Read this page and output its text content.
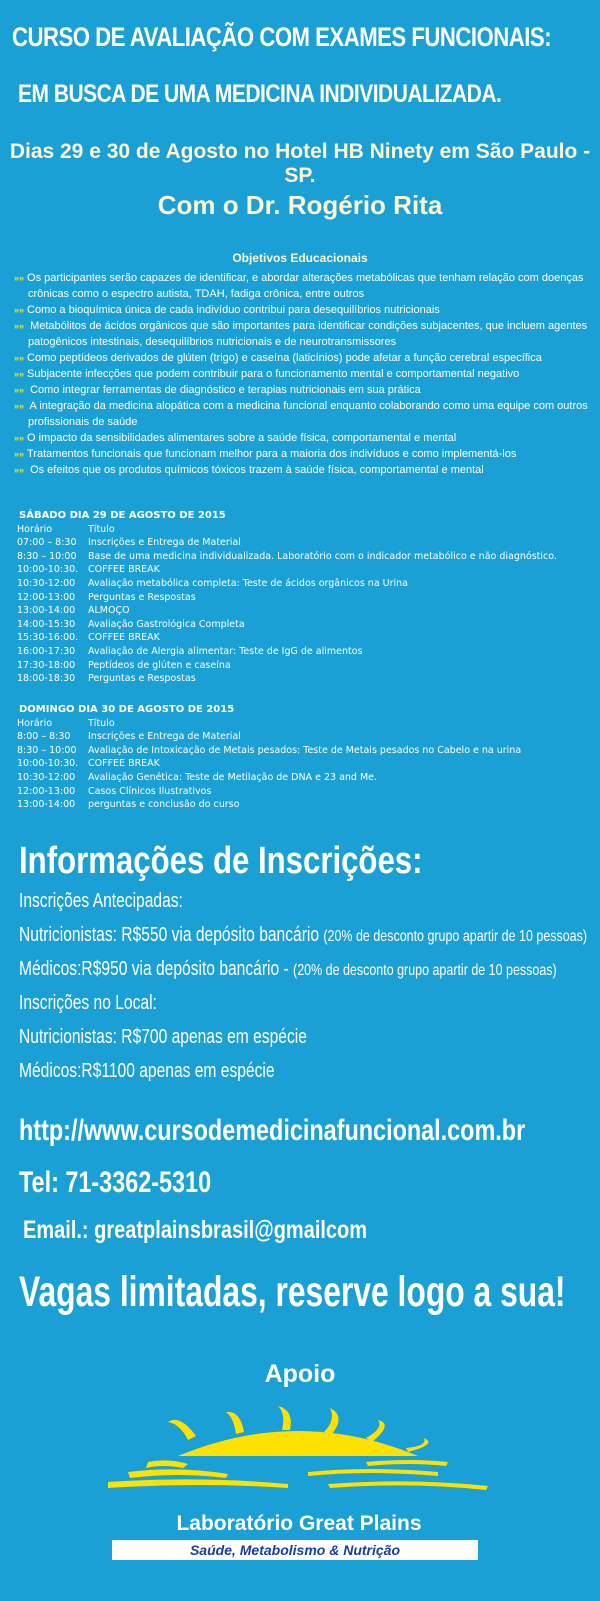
CURSO DE AVALIAÇÃO COM EXAMES FUNCIONAIS:
EM BUSCA DE UMA MEDICINA INDIVIDUALIZADA.
Dias 29 e 30 de Agosto no Hotel HB Ninety em São Paulo - SP.
Com o Dr. Rogério Rita
Objetivos Educacionais
»» Os participantes serão capazes de identificar, e abordar alterações metabólicas que tenham relação com doenças crônicas como o espectro autista, TDAH, fadiga crônica, entre outros
»» Como a bioquímica única de cada indivíduo contribui para desequilíbrios nutricionais
»» Metabólitos de ácidos orgânicos que são importantes para identificar condições subjacentes, que incluem agentes patogênicos intestinais, desequilíbrios nutricionais e de neurotransmissores
»» Como peptídeos derivados de glúten (trigo) e caseína (laticínios) pode afetar a função cerebral específica
»» Subjacente infecções que podem contribuir para o funcionamento mental e comportamental negativo
»» Como integrar ferramentas de diagnóstico e terapias nutricionais em sua prática
»» A integração da medicina alopática com a medicina funcional enquanto colaborando como uma equipe com outros profissionais de saúde
»» O impacto da sensibilidades alimentares sobre a saúde física, comportamental e mental
»» Tratamentos funcionais que funcionam melhor para a maioria dos indivíduos e como implementá-los
»» Os efeitos que os produtos químicos tóxicos trazem à saúde física, comportamental e mental
SÁBADO DIA 29 DE AGOSTO DE 2015
Horário	Título
07:00 – 8:30	Inscrições e Entrega de Material
8:30 – 10:00	Base de uma medicina individualizada. Laboratório com o indicador metabólico e não diagnóstico.
10:00-10:30.	COFFEE BREAK
10:30-12:00	Avaliação metabólica completa: Teste de ácidos orgânicos na Urina
12:00-13:00	Perguntas e Respostas
13:00-14:00	ALMOÇO
14:00-15:30	Avaliação Gastrológica Completa
15:30-16:00.	COFFEE BREAK
16:00-17:30	Avaliação de Alergia alimentar: Teste de IgG de alimentos
17:30-18:00	Peptídeos de glúten e caseína
18:00-18:30	Perguntas e Respostas
DOMINGO DIA 30 DE AGOSTO DE 2015
Horário	Título
8:00 – 8:30	Inscrições e Entrega de Material
8:30 – 10:00	Avaliação de Intoxicação de Metais pesados: Teste de Metais pesados no Cabelo e na urina
10:00-10:30.	COFFEE BREAK
10:30-12:00	Avaliação Genética: Teste de Metilação de DNA e 23 and Me.
12:00-13:00	Casos Clínicos Ilustrativos
13:00-14:00	perguntas e conclusão do curso
Informações de Inscrições:
Inscrições Antecipadas:
Nutricionistas: R$550 via depósito bancário (20% de desconto grupo apartir de 10 pessoas)
Médicos:R$950 via depósito bancário - (20% de desconto grupo apartir de 10 pessoas)
Inscrições no Local:
Nutricionistas: R$700 apenas em espécie
Médicos:R$1100 apenas em espécie
http://www.cursodemedicinafuncional.com.br
Tel: 71-3362-5310
Email.: greatplainsbrasil@gmailcom
Vagas limitadas, reserve logo a sua!
Apoio
Laboratório Great Plains
Saúde, Metabolismo & Nutrição
